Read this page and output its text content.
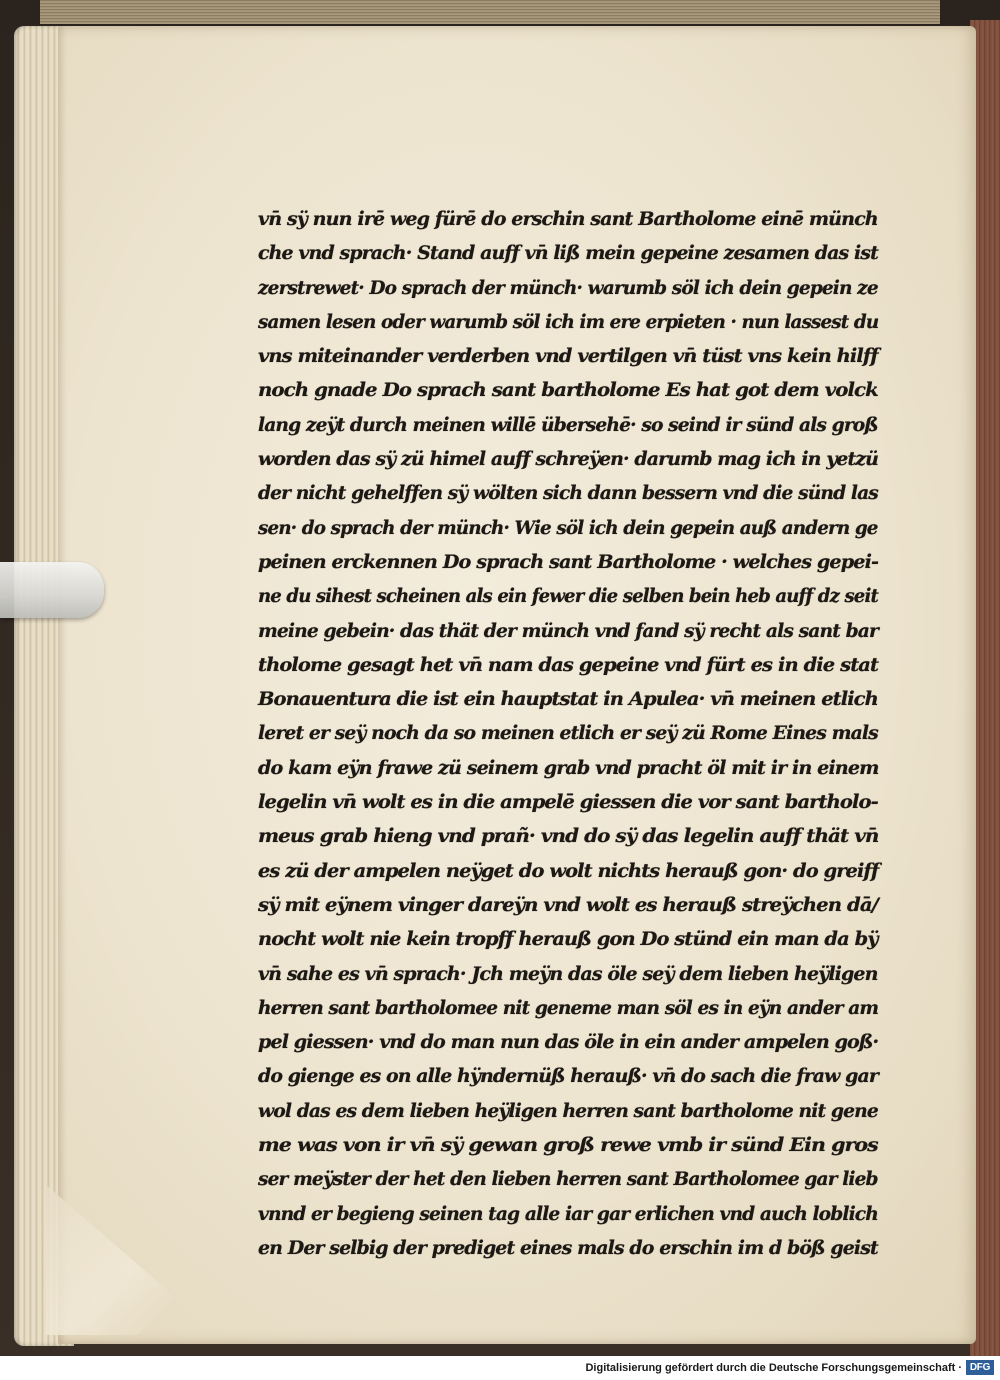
vn̄ sÿ nun irē weg fürē do erschin sant Bartholome einē münch
che vnd sprach· Stand auff vn̄ liß mein gepeine zesamen das ist
zerstrewet· Do sprach der münch· warumb söl ich dein gepein ze
samen lesen oder warumb söl ich im ere erpieten · nun lassest du
vns miteinander verderben vnd vertilgen vn̄ tüst vns kein hilff
noch gnade Do sprach sant bartholome Es hat got dem volck
lang zeÿt durch meinen willē übersehē· so seind ir sünd als groß
worden das sÿ zü himel auff schreÿen· darumb mag ich in yetzü
der nicht gehelffen sÿ wölten sich dann bessern vnd die sünd las
sen· do sprach der münch· Wie söl ich dein gepein auß andern ge
peinen erckennen Do sprach sant Bartholome · welches gepei-
ne du sihest scheinen als ein fewer die selben bein heb auff dz seit
meine gebein· das thät der münch vnd fand sÿ recht als sant bar
tholome gesagt het vn̄ nam das gepeine vnd fürt es in die stat
Bonauentura die ist ein hauptstat in Apulea· vn̄ meinen etlich
leret er seÿ noch da so meinen etlich er seÿ zü Rome Eines mals
do kam eÿn frawe zü seinem grab vnd pracht öl mit ir in einem
legelin vn̄ wolt es in die ampelē giessen die vor sant bartholo-
meus grab hieng vnd prañ· vnd do sÿ das legelin auff thät vn̄
es zü der ampelen neÿget do wolt nichts herauß gon· do greiff
sÿ mit eÿnem vinger dareÿn vnd wolt es herauß streÿchen dā/
nocht wolt nie kein tropff herauß gon Do stünd ein man da bÿ
vn̄ sahe es vn̄ sprach· Jch meÿn das öle seÿ dem lieben heÿligen
herren sant bartholomee nit geneme man söl es in eÿn ander am
pel giessen· vnd do man nun das öle in ein ander ampelen goß·
do gienge es on alle hÿndernüß herauß· vn̄ do sach die fraw gar
wol das es dem lieben heÿligen herren sant bartholome nit gene
me was von ir vn̄ sÿ gewan groß rewe vmb ir sünd Ein gros
ser meÿster der het den lieben herren sant Bartholomee gar lieb
vnnd er begieng seinen tag alle iar gar erlichen vnd auch loblich
en Der selbig der prediget eines mals do erschin im d böß geist
Digitalisierung gefördert durch die Deutsche Forschungsgemeinschaft · DFG
